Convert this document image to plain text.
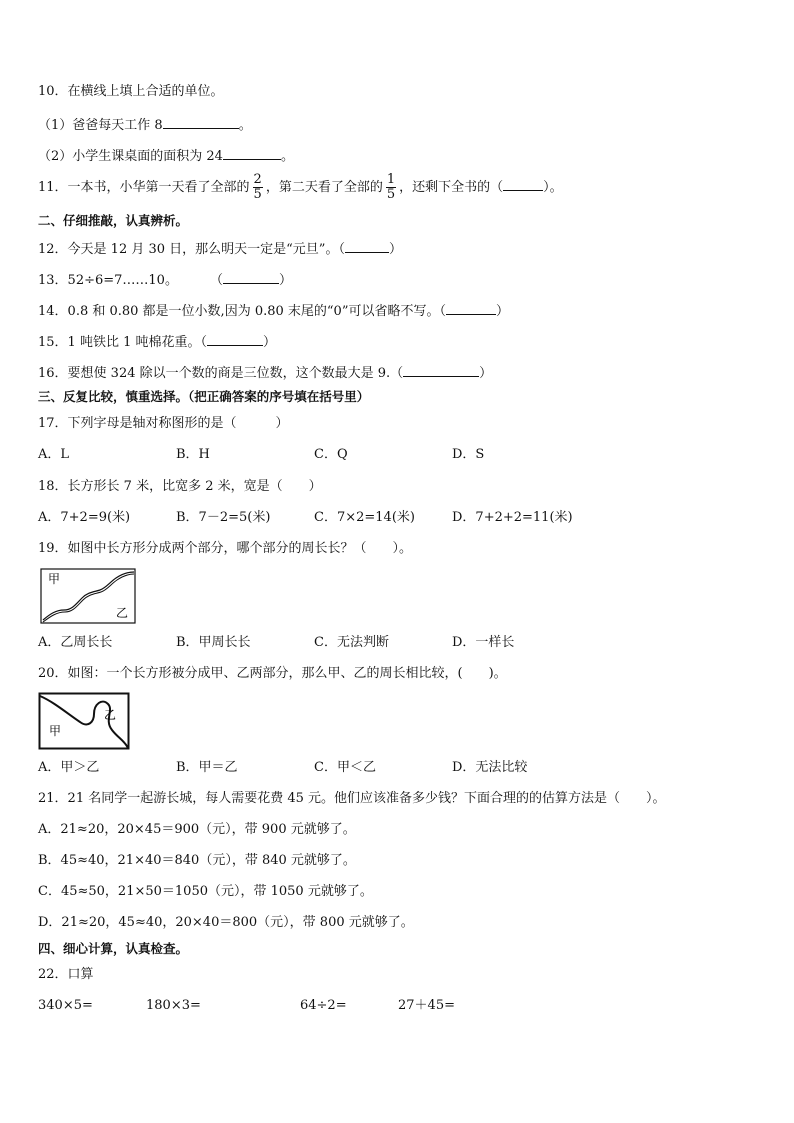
10．在横线上填上合适的单位。
（1）爸爸每天工作 8	。
（2）小学生课桌面的面积为 24	。
11．一本书，小华第一天看了全部的 $\frac{2}{5}$ ，第二天看了全部的 $\frac{1}{5}$ ，还剩下全书的（	）。
二、仔细推敲，认真辨析。
12．今天是 12 月 30 日，那么明天一定是“元旦”。（	）
13．52÷6=7……10。 （	）
14．0.8 和 0.80 都是一位小数,因为 0.80 末尾的“0”可以省略不写。（	）
15．1 吨铁比 1 吨棉花重。（	）
16．要想使 324 除以一个数的商是三位数，这个数最大是 9.（	）
三、反复比较，慎重选择。（把正确答案的序号填在括号里）
17．下列字母是轴对称图形的是（　　　）
A．L	B．H	C．Q	D．S
18．长方形长 7 米，比宽多 2 米，宽是（　　）
A．7+2=9(米)	B．7－2=5(米)	C．7×2=14(米)	D．7+2+2=11(米)
19．如图中长方形分成两个部分，哪个部分的周长长？（　　）。
甲
乙
A．乙周长长	B．甲周长长	C．无法判断	D．一样长
20．如图：一个长方形被分成甲、乙两部分，那么甲、乙的周长相比较，(　　)。
甲
乙
A．甲＞乙	B．甲＝乙	C．甲＜乙	D．无法比较
21．21 名同学一起游长城，每人需要花费 45 元。他们应该准备多少钱？下面合理的的估算方法是（　　）。
A．21≈20，20×45＝900（元），带 900 元就够了。
B．45≈40，21×40＝840（元），带 840 元就够了。
C．45≈50，21×50＝1050（元），带 1050 元就够了。
D．21≈20，45≈40，20×40＝800（元），带 800 元就够了。
四、细心计算，认真检查。
22．口算
340×5=	180×3=	64÷2=	27＋45=
